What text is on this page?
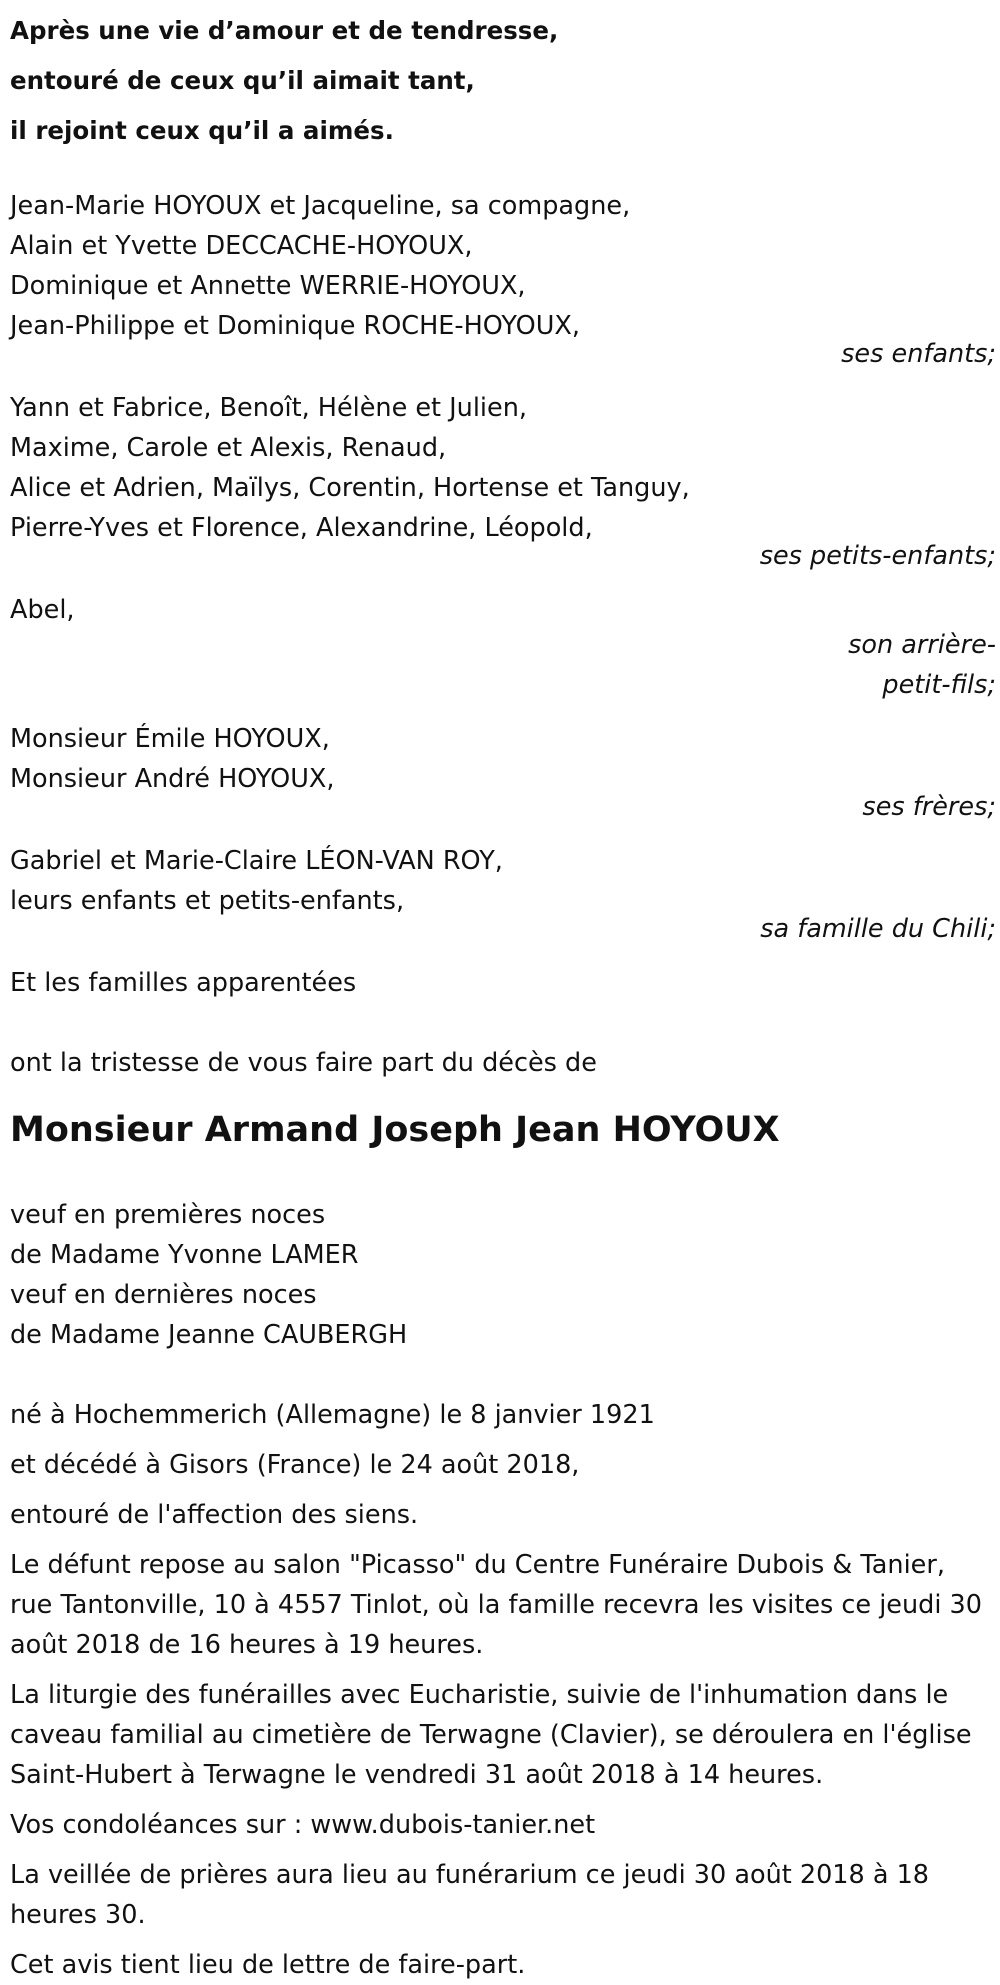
Après une vie d’amour et de tendresse,
entouré de ceux qu’il aimait tant,
il rejoint ceux qu’il a aimés.
Jean-Marie HOYOUX et Jacqueline, sa compagne,
Alain et Yvette DECCACHE-HOYOUX,
Dominique et Annette WERRIE-HOYOUX,
Jean-Philippe et Dominique ROCHE-HOYOUX,
ses enfants;
Yann et Fabrice, Benoît, Hélène et Julien,
Maxime, Carole et Alexis, Renaud,
Alice et Adrien, Maïlys, Corentin, Hortense et Tanguy,
Pierre-Yves et Florence, Alexandrine, Léopold,
ses petits-enfants;
Abel,
son arrière-
petit-fils;
Monsieur Émile HOYOUX,
Monsieur André HOYOUX,
ses frères;
Gabriel et Marie-Claire LÉON-VAN ROY,
leurs enfants et petits-enfants,
sa famille du Chili;
Et les familles apparentées
ont la tristesse de vous faire part du décès de
Monsieur Armand Joseph Jean HOYOUX
veuf en premières noces
de Madame Yvonne LAMER
veuf en dernières noces
de Madame Jeanne CAUBERGH
né à Hochemmerich (Allemagne) le 8 janvier 1921
et décédé à Gisors (France) le 24 août 2018,
entouré de l'affection des siens.
Le défunt repose au salon "Picasso" du Centre Funéraire Dubois & Tanier, rue Tantonville, 10 à 4557 Tinlot, où la famille recevra les visites ce jeudi 30 août 2018 de 16 heures à 19 heures.
La liturgie des funérailles avec Eucharistie, suivie de l'inhumation dans le caveau familial au cimetière de Terwagne (Clavier), se déroulera en l'église Saint-Hubert à Terwagne le vendredi 31 août 2018 à 14 heures.
Vos condoléances sur : www.dubois-tanier.net
La veillée de prières aura lieu au funérarium ce jeudi 30 août 2018 à 18 heures 30.
Cet avis tient lieu de lettre de faire-part.
